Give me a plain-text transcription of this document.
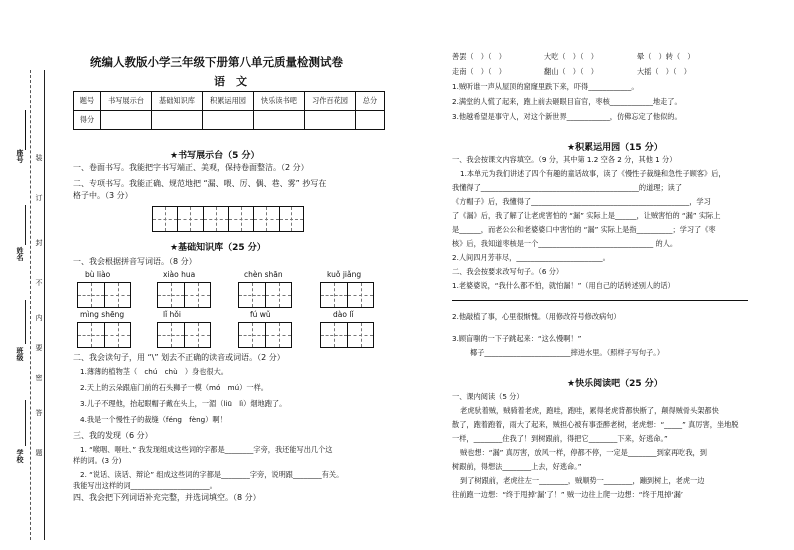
座号
姓名
班级
学校
装
订
封
不
内
要
密
答
题
统编人教版小学三年级下册第八单元质量检测试卷
语　文
题号	书写展示台	基础知识库	积累运用园	快乐读书吧	习作百花园	总分
得分						
★书写展示台（5 分）
一、卷面书写。我能把字书写端正、美观，保持卷面整洁。（2 分）
二、专项书写。我能正确、规范地把 “漏、喂、厉、偶、巷、雾” 抄写在
格子中。（3 分）
★基础知识库（25 分）
一、我会根据拼音写词语。（8 分）
bù liào	xiào hua	chèn shān	kuǒ jiǎng
mìng shēng	lǐ hǒi	fú wǔ	dào lǐ
二、我会读句子，用 “\” 划去不正确的读音或词语。（2 分）
1.薄薄的植物茎（　chú　chù　）身也很大。
2.天上的云朵跟庙门前的石头狮子一模（mó　mú）一样。
3.儿子不理他，抬起眼帽子戴在头上，一湄（liū　lì）烟地跑了。
4.我是一个慢性子的裁缝（féng　fèng）啊！
三、我的发现（6 分）
1. “喉咽、咂吐、” 我发现组成这些词的字都是________字旁，我还能写出几个这
样的词。(3 分)
2. “说话、读话、辩论” 组成这些词的字都是________字旁，说明跟________有关。
我能写出这样的词______________________。
四、我会把下列词语补充完整，并选词填空。（8 分）
善罢（　）（　）	大吃（　）（　）	晕（　）转（　）
走南（　）（　）	翻山（　）（　）	大摇（　）（　）
1.贼听谁一声从屋顶的窟窿里跌下来，吓得____________。
2.满堂的人慌了起来，跑上前去砸眼目盲官，枣核____________地走了。
3.他越希望是事守人，对这个新世界____________，仿佛忘定了他似的。
★积累运用园（15 分）
一、我会按课文内容填空。（9 分，其中第 1.2 空各 2 分，其他 1 分）
1.本单元为我们讲述了四个有趣的童话故事，读了《慢性子裁缝和急性子顾客》后，
我懂得了____________________________________________的道理；读了
《方帽子》后，我懂得了____________________________________________，学习
了《漏》后，我了解了让老虎害怕的 “漏” 实际上是______，让贼害怕的 “漏” 实际上
是______，而老公公和老婆婆口中害怕的 “漏” 实际上是指__________；学习了《枣
核》后，我知道枣核是一个________________________________ 的人。
2.人间四月芳菲尽，________________________。
二、我会按要求改写句子。（6 分）
1.老婆婆说，“我什么都不怕，就怕漏！”（用自己的话转述别人的话）
2.他敲植了事，心里很惭愧。（用修改符号修改病句）
3.顾盲嗤的一下子跳起来：“这么慢啊！”
椰子________________________摔进水里。（照样子写句子。）
★快乐阅读吧（25 分）
一、课内阅读（5 分）
老虎驮着贼，贼骑着老虎，跑哇，跑哇，累得老虎背都快断了，颠得贼骨头架都快
散了，跑着跑着，雨大了起来，贼担心被有事歪醉老树，老虎想：“_____” 真厉害，坐地脱
一样，________住我了！到树跟前，得把它________下来，好逃命。”
贼也想：“漏” 真厉害，放风一样，停都不停，一定是________到家再吃我，到
树跟前，得想法________上去，好逃命。”
到了树跟前，老虎往左一________，贼顺势一________，蹦到树上，老虎一边
往前跑一边想：“终于甩掉‘漏’了！” 贼一边往上爬一边想：“终于甩掉‘漏’
